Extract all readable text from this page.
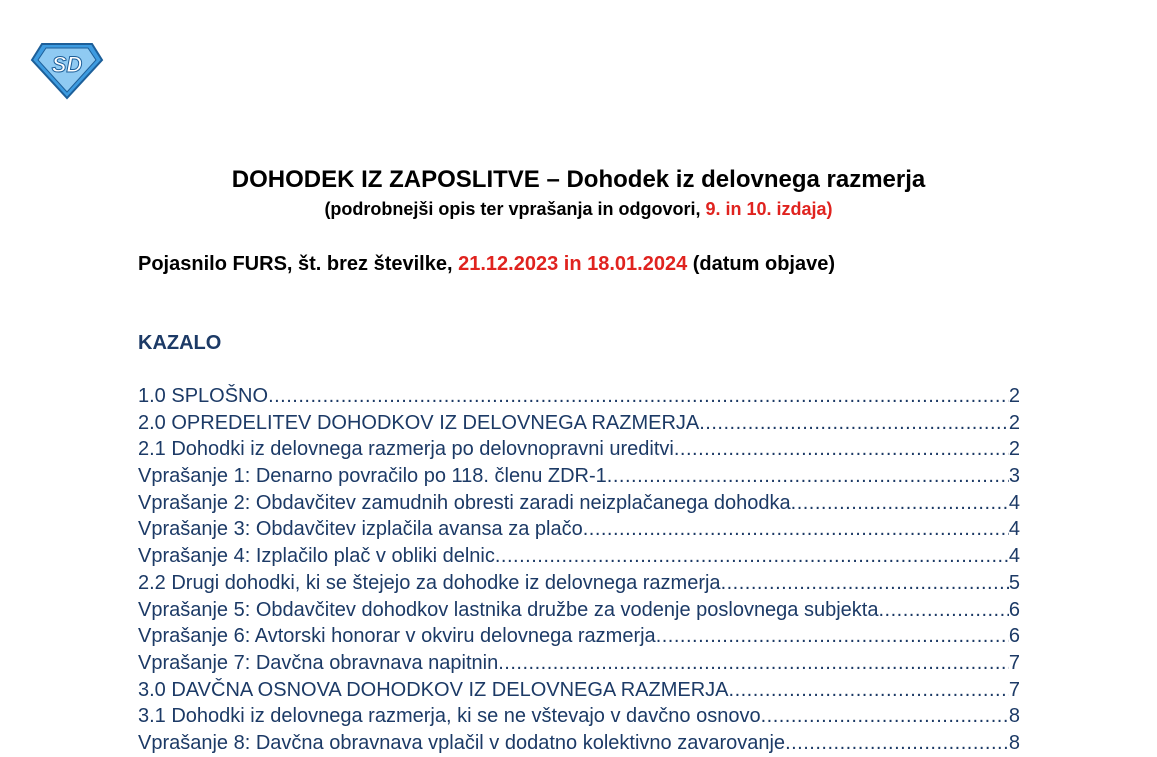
SD
DOHODEK IZ ZAPOSLITVE – Dohodek iz delovnega razmerja
(podrobnejši opis ter vprašanja in odgovori, 9. in 10. izdaja)
Pojasnilo FURS, št. brez številke, 21.12.2023 in 18.01.2024 (datum objave)
KAZALO
1.0 SPLOŠNO .....	2
2.0 OPREDELITEV DOHODKOV IZ DELOVNEGA RAZMERJA .....	2
2.1 Dohodki iz delovnega razmerja po delovnopravni ureditvi .....	2
Vprašanje 1: Denarno povračilo po 118. členu ZDR-1 .....	3
Vprašanje 2: Obdavčitev zamudnih obresti zaradi neizplačanega dohodka .....	4
Vprašanje 3: Obdavčitev izplačila avansa za plačo .....	4
Vprašanje 4: Izplačilo plač v obliki delnic .....	4
2.2 Drugi dohodki, ki se štejejo za dohodke iz delovnega razmerja .....	5
Vprašanje 5: Obdavčitev dohodkov lastnika družbe za vodenje poslovnega subjekta .....	6
Vprašanje 6: Avtorski honorar v okviru delovnega razmerja .....	6
Vprašanje 7: Davčna obravnava napitnin .....	7
3.0 DAVČNA OSNOVA DOHODKOV IZ DELOVNEGA RAZMERJA .....	7
3.1 Dohodki iz delovnega razmerja, ki se ne vštevajo v davčno osnovo .....	8
Vprašanje 8: Davčna obravnava vplačil v dodatno kolektivno zavarovanje .....	8
